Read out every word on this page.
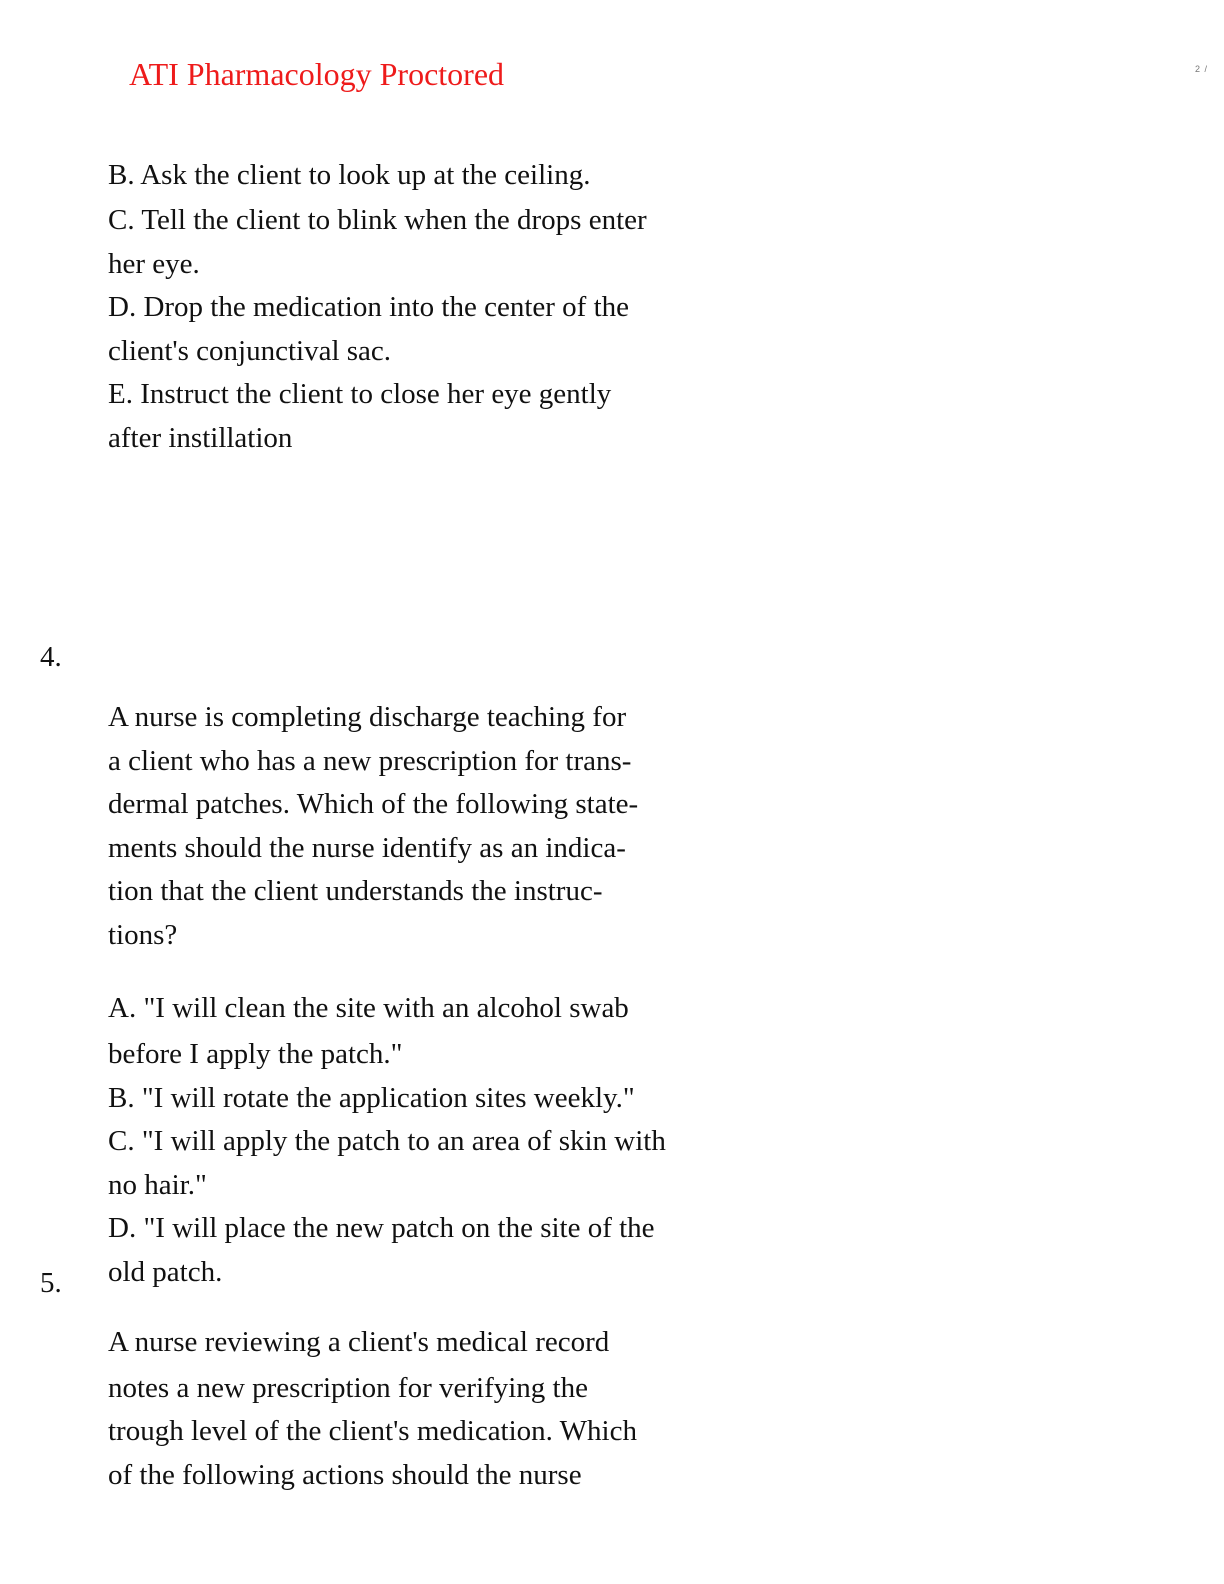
ATI Pharmacology Proctored	2 /
B. Ask the client to look up at the ceiling.
C. Tell the client to blink when the drops enter
her eye.
D. Drop the medication into the center of the
client's conjunctival sac.
E. Instruct the client to close her eye gently
after instillation
4.
A nurse is completing discharge teaching for
a client who has a new prescription for trans-
dermal patches. Which of the following state-
ments should the nurse identify as an indica-
tion that the client understands the instruc-
tions?
A. "I will clean the site with an alcohol swab
before I apply the patch."
B. "I will rotate the application sites weekly."
C. "I will apply the patch to an area of skin with
no hair."
D. "I will place the new patch on the site of the
old patch.
5.
A nurse reviewing a client's medical record
notes a new prescription for verifying the
trough level of the client's medication. Which
of the following actions should the nurse
